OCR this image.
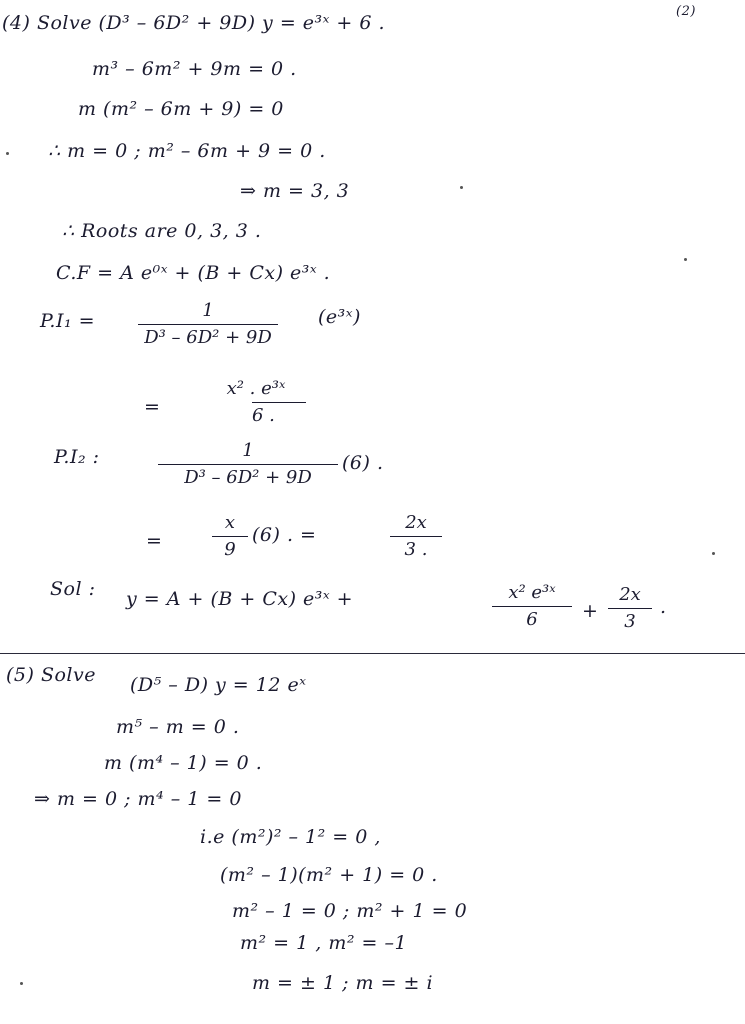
(2)
(4) Solve (D³ – 6D² + 9D) y = e³ˣ + 6 .
m³ – 6m² + 9m = 0 .
m (m² – 6m + 9) = 0
∴ m = 0 ; m² – 6m + 9 = 0 .
⇒ m = 3, 3
∴ Roots are 0, 3, 3 .
C.F = A e⁰ˣ + (B + Cx) e³ˣ .
P.I₁ =	1
D³ – 6D² + 9D
(e³ˣ)
=
x² . e³ˣ
6 .
P.I₂ :	1
D³ – 6D² + 9D
(6) .
=
x
9
(6) . =
2x
3 .
Sol : y = A + (B + Cx) e³ˣ +	x² e³ˣ
6	+
2x
3
.
(5) Solve (D⁵ – D) y = 12 eˣ
m⁵ – m = 0 .
m (m⁴ – 1) = 0 .
⇒ m = 0 ; m⁴ – 1 = 0
i.e (m²)² – 1² = 0 ,
(m² – 1)(m² + 1) = 0 .
m² – 1 = 0 ; m² + 1 = 0
m² = 1 , m² = –1
m = ± 1 ; m = ± i
